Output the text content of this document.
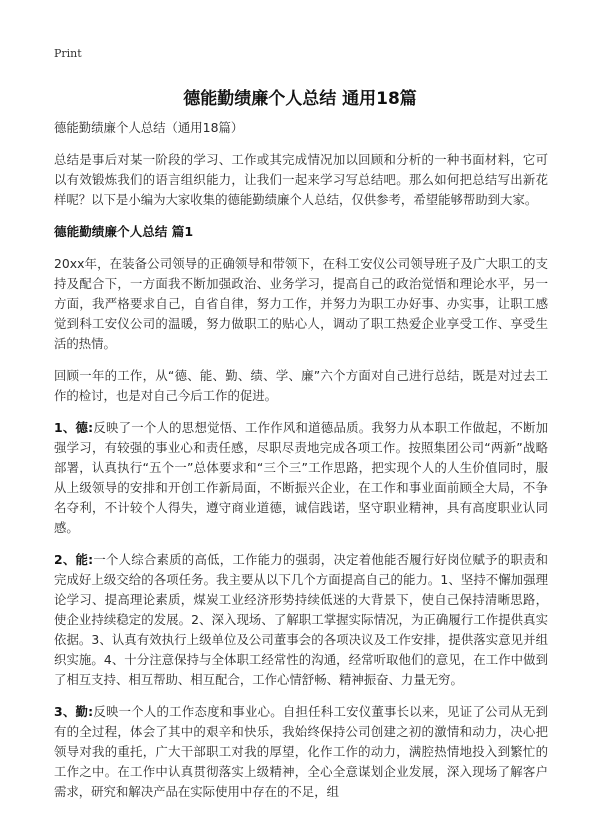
Print
德能勤绩廉个人总结 通用18篇

德能勤绩廉个人总结（通用18篇）

总结是事后对某一阶段的学习、工作或其完成情况加以回顾和分析的一种书面材料，它可以有效锻炼我们的语言组织能力，让我们一起来学习写总结吧。那么如何把总结写出新花样呢？以下是小编为大家收集的德能勤绩廉个人总结，仅供参考，希望能够帮助到大家。

德能勤绩廉个人总结 篇1

20xx年，在装备公司领导的正确领导和带领下，在科工安仪公司领导班子及广大职工的支持及配合下，一方面我不断加强政治、业务学习，提高自己的政治觉悟和理论水平，另一方面，我严格要求自己，自省自律，努力工作，并努力为职工办好事、办实事，让职工感觉到科工安仪公司的温暖，努力做职工的贴心人，调动了职工热爱企业享受工作、享受生活的热情。

回顾一年的工作，从“德、能、勤、绩、学、廉”六个方面对自己进行总结，既是对过去工作的检讨，也是对自己今后工作的促进。

1、德:反映了一个人的思想觉悟、工作作风和道德品质。我努力从本职工作做起，不断加强学习，有较强的事业心和责任感，尽职尽责地完成各项工作。按照集团公司“两新”战略部署，认真执行“五个一”总体要求和“三个三”工作思路，把实现个人的人生价值同时，服从上级领导的安排和开创工作新局面，不断振兴企业，在工作和事业面前顾全大局，不争名夺利，不计较个人得失，遵守商业道德，诚信践诺，坚守职业精神，具有高度职业认同感。

2、能:一个人综合素质的高低，工作能力的强弱，决定着他能否履行好岗位赋予的职责和完成好上级交给的各项任务。我主要从以下几个方面提高自己的能力。1、坚持不懈加强理论学习、提高理论素质，煤炭工业经济形势持续低迷的大背景下，使自己保持清晰思路，使企业持续稳定的发展。2、深入现场、了解职工掌握实际情况，为正确履行工作提供真实依据。3、认真有效执行上级单位及公司董事会的各项决议及工作安排，提供落实意见并组织实施。4、十分注意保持与全体职工经常性的沟通，经常听取他们的意见，在工作中做到了相互支持、相互帮助、相互配合，工作心情舒畅、精神振奋、力量无穷。

3、勤:反映一个人的工作态度和事业心。自担任科工安仪董事长以来，见证了公司从无到有的全过程，体会了其中的艰辛和快乐，我始终保持公司创建之初的激情和动力，决心把领导对我的重托，广大干部职工对我的厚望，化作工作的动力，满腔热情地投入到繁忙的工作之中。在工作中认真贯彻落实上级精神，全心全意谋划企业发展，深入现场了解客户需求，研究和解决产品在实际使用中存在的不足，组
